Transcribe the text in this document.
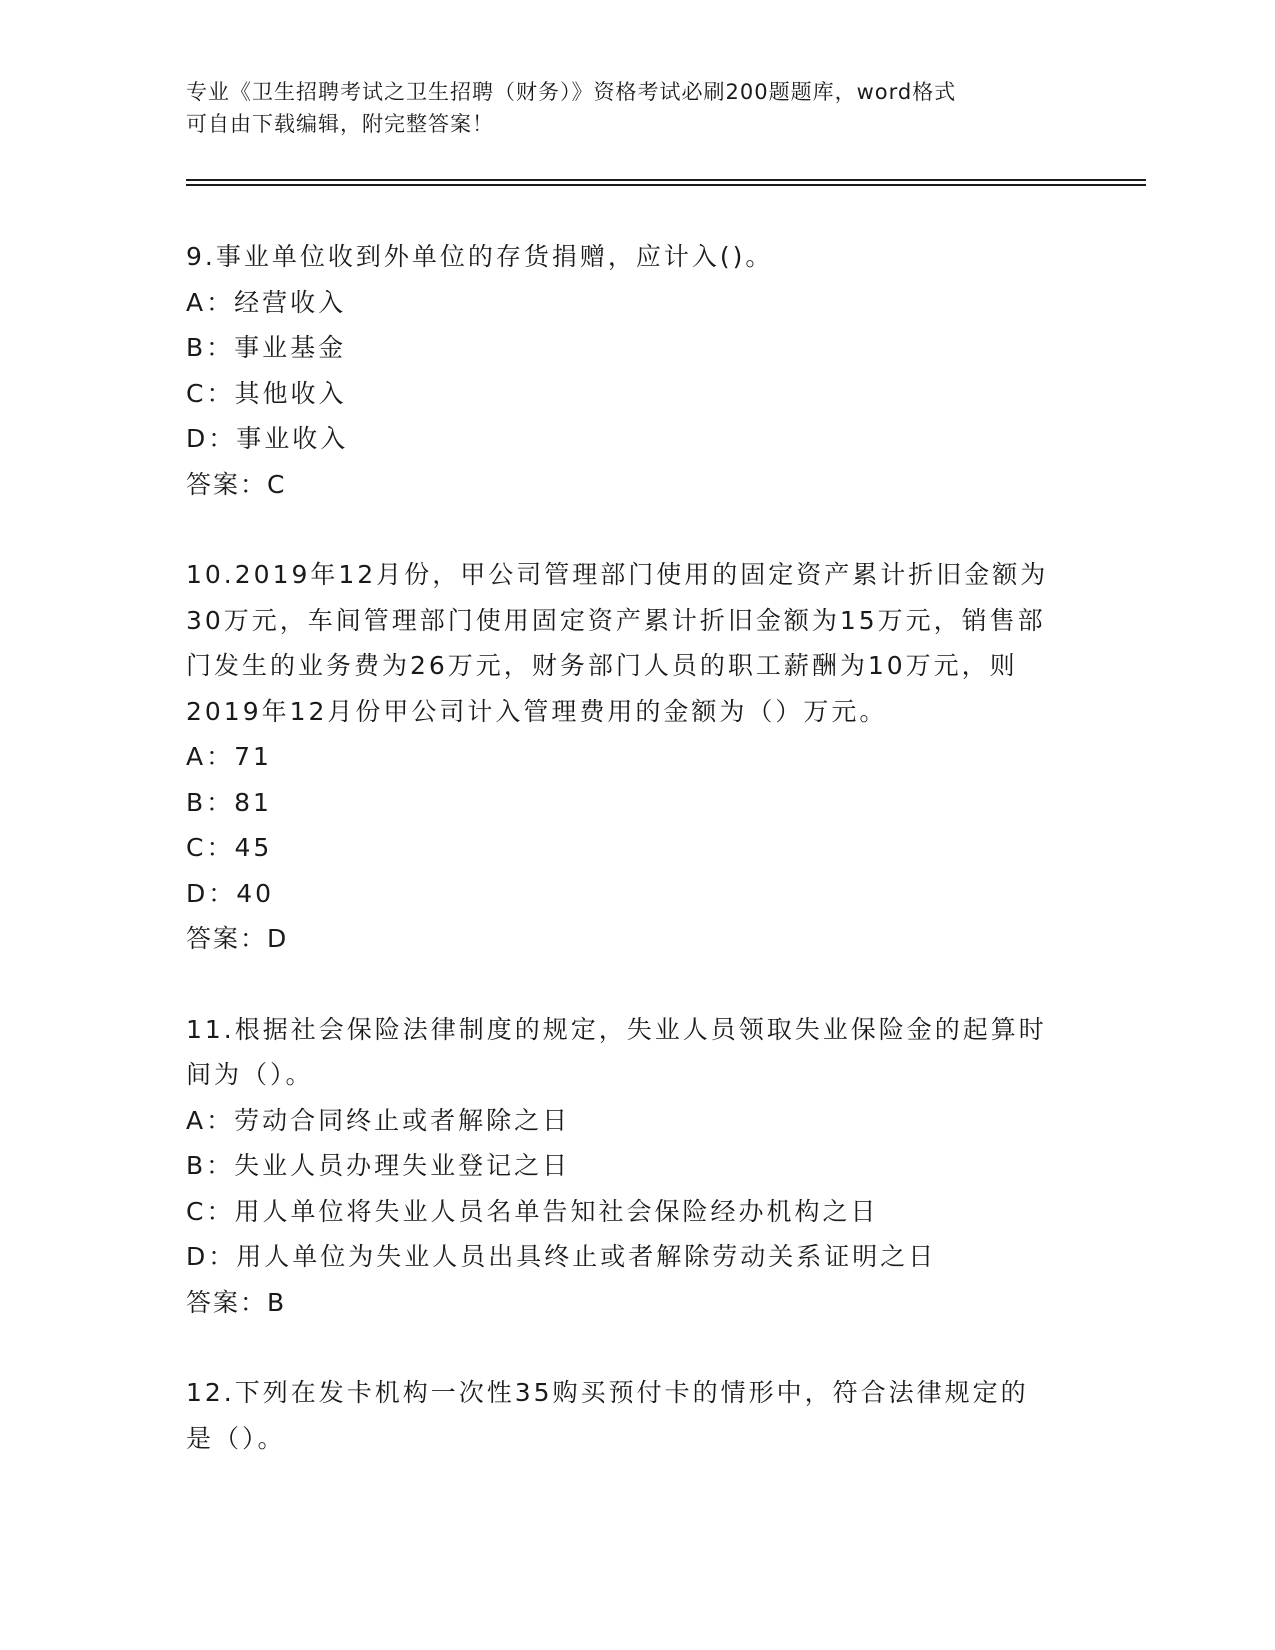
专业《卫生招聘考试之卫生招聘（财务）》资格考试必刷200题题库，word格式
可自由下载编辑，附完整答案！

9.事业单位收到外单位的存货捐赠，应计入()。

A：经营收入

B：事业基金

C：其他收入

D：事业收入

答案：C

10.2019年12月份，甲公司管理部门使用的固定资产累计折旧金额为

30万元，车间管理部门使用固定资产累计折旧金额为15万元，销售部

门发生的业务费为26万元，财务部门人员的职工薪酬为10万元，则

2019年12月份甲公司计入管理费用的金额为（）万元。

A：71

B：81

C：45

D：40

答案：D

11.根据社会保险法律制度的规定，失业人员领取失业保险金的起算时

间为（）。

A：劳动合同终止或者解除之日

B：失业人员办理失业登记之日

C：用人单位将失业人员名单告知社会保险经办机构之日

D：用人单位为失业人员出具终止或者解除劳动关系证明之日

答案：B

12.下列在发卡机构一次性35购买预付卡的情形中，符合法律规定的

是（）。
